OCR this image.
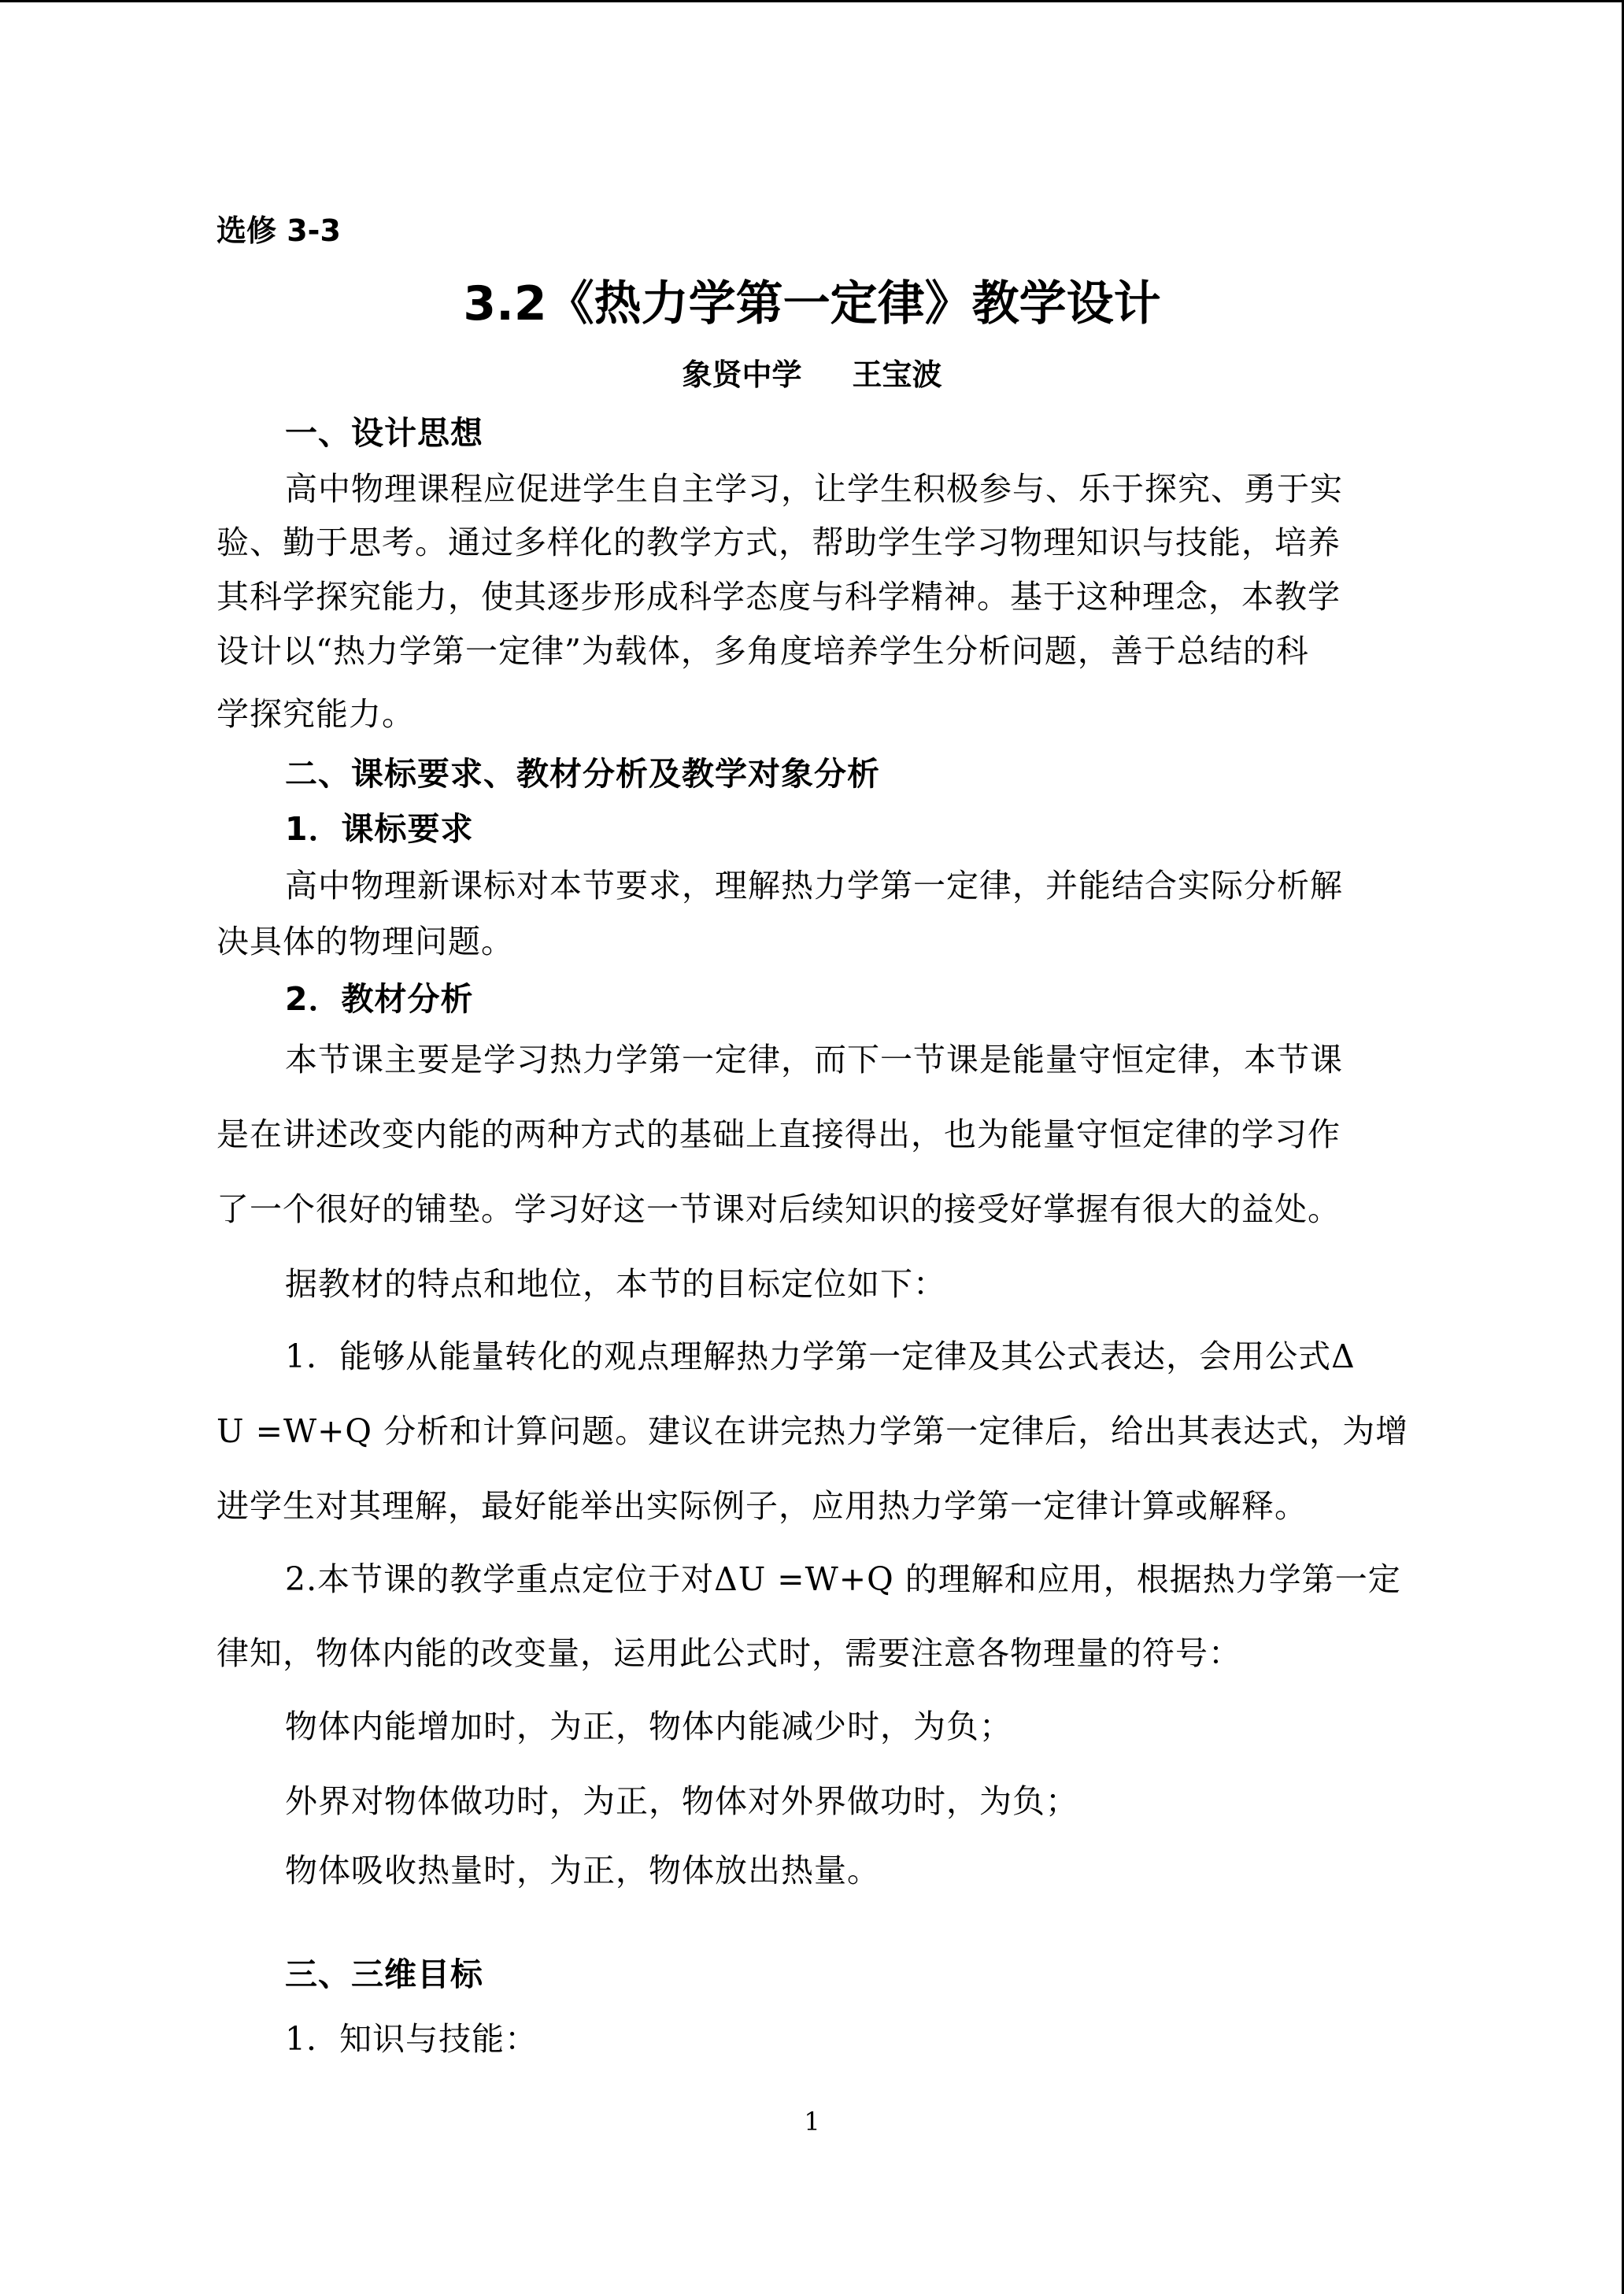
选修 3-3

3.2《热力学第一定律》教学设计

象贤中学 王宝波

一、设计思想

高中物理课程应促进学生自主学习，让学生积极参与、乐于探究、勇于实

验、勤于思考。通过多样化的教学方式，帮助学生学习物理知识与技能，培养

其科学探究能力，使其逐步形成科学态度与科学精神。基于这种理念，本教学

设计以“热力学第一定律”为载体，多角度培养学生分析问题，善于总结的科

学探究能力。

二、课标要求、教材分析及教学对象分析

1．课标要求

高中物理新课标对本节要求，理解热力学第一定律，并能结合实际分析解

决具体的物理问题。

2．教材分析

本节课主要是学习热力学第一定律，而下一节课是能量守恒定律，本节课

是在讲述改变内能的两种方式的基础上直接得出，也为能量守恒定律的学习作

了一个很好的铺垫。学习好这一节课对后续知识的接受好掌握有很大的益处。

据教材的特点和地位，本节的目标定位如下：

1．能够从能量转化的观点理解热力学第一定律及其公式表达，会用公式Δ

U =W+Q 分析和计算问题。建议在讲完热力学第一定律后，给出其表达式，为增

进学生对其理解，最好能举出实际例子，应用热力学第一定律计算或解释。

2.本节课的教学重点定位于对ΔU =W+Q 的理解和应用，根据热力学第一定

律知，物体内能的改变量，运用此公式时，需要注意各物理量的符号：

物体内能增加时，为正，物体内能减少时，为负；

外界对物体做功时，为正，物体对外界做功时，为负；

物体吸收热量时，为正，物体放出热量。

三、三维目标

1．知识与技能：

1
